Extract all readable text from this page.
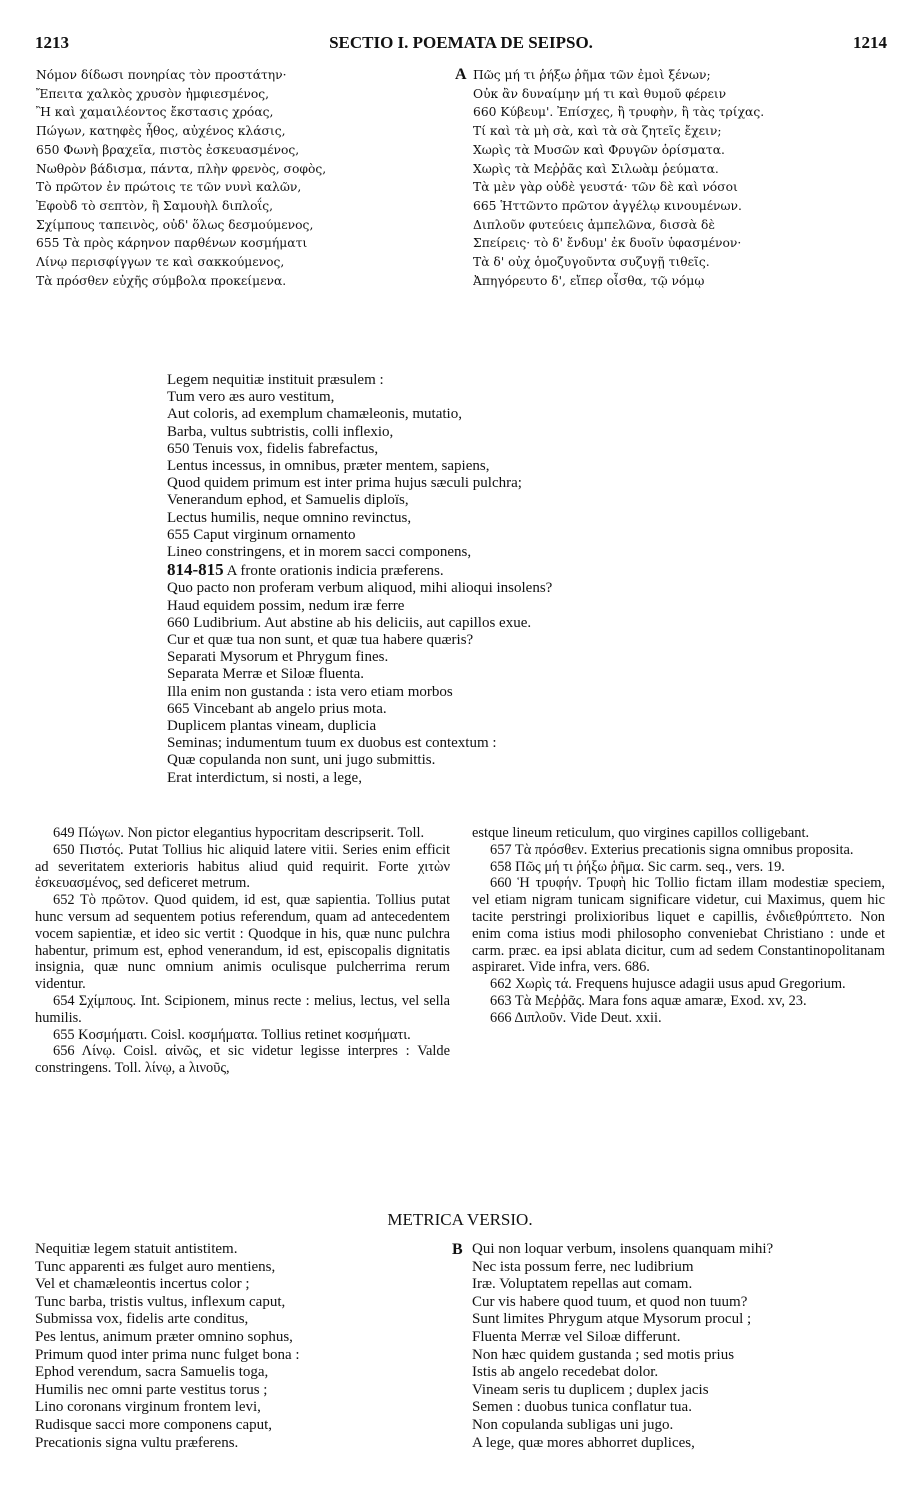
1213	SECTIO I. POEMATA DE SEIPSO.	1214
Νόμον δίδωσι πονηρίας τὸν προστάτην·
Ἔπειτα χαλκὸς χρυσὸν ἠμφιεσμένος,
Ἢ καὶ χαμαιλέοντος ἔκστασις χρόας,
Πώγων, κατηφὲς ἦθος, αὐχένος κλάσις,
650 Φωνὴ βραχεῖα, πιστὸς ἐσκευασμένος,
Νωθρὸν βάδισμα, πάντα, πλὴν φρενὸς, σοφὸς,
Τὸ πρῶτον ἐν πρώτοις τε τῶν νυνὶ καλῶν,
Ἐφοὺδ τὸ σεπτὸν, ἢ Σαμουὴλ διπλοΐς,
Σχίμπους ταπεινὸς, οὐδ' ὅλως δεσμούμενος,
655 Τὰ πρὸς κάρηνον παρθένων κοσμήματι
Λίνῳ περισφίγγων τε καὶ σακκούμενος,
Τὰ πρόσθεν εὐχῆς σύμβολα προκείμενα.
A Πῶς μή τι ῥήξω ῥῆμα τῶν ἐμοὶ ξένων;
Οὐκ ἂν δυναίμην μή τι καὶ θυμοῦ φέρειν
660 Κύβευμ'. Ἐπίσχες, ἢ τρυφὴν, ἢ τὰς τρίχας.
Τί καὶ τὰ μὴ σὰ, καὶ τὰ σὰ ζητεῖς ἔχειν;
Χωρὶς τὰ Μυσῶν καὶ Φρυγῶν ὁρίσματα.
Χωρὶς τὰ Μεῤῥᾶς καὶ Σιλωὰμ ῥεύματα.
Τὰ μὲν γὰρ οὐδὲ γευστά· τῶν δὲ καὶ νόσοι
665 Ἡττῶντο πρῶτον ἀγγέλῳ κινουμένων.
Διπλοῦν φυτεύεις ἀμπελῶνα, δισσὰ δὲ
Σπείρεις· τὸ δ' ἔνδυμ' ἐκ δυοῖν ὑφασμένον·
Τὰ δ' οὐχ ὁμοζυγοῦντα συζυγῇ τιθεῖς.
Ἀπηγόρευτο δ', εἴπερ οἶσθα, τῷ νόμῳ
Legem nequitiæ instituit præsulem :
Tum vero æs auro vestitum,
Aut coloris, ad exemplum chamæleonis, mutatio,
Barba, vultus subtristis, colli inflexio,
650 Tenuis vox, fidelis fabrefactus,
Lentus incessus, in omnibus, præter mentem, sapiens,
Quod quidem primum est inter prima hujus sæculi pulchra;
Venerandum ephod, et Samuelis diploïs,
Lectus humilis, neque omnino revinctus,
655 Caput virginum ornamento
Lineo constringens, et in morem sacci componens,
814-815 A fronte orationis indicia præferens.
Quo pacto non proferam verbum aliquod, mihi alioqui insolens?
Haud equidem possim, nedum iræ ferre
660 Ludibrium. Aut abstine ab his deliciis, aut capillos exue.
Cur et quæ tua non sunt, et quæ tua habere quæris?
Separati Mysorum et Phrygum fines.
Separata Merræ et Siloæ fluenta.
Illa enim non gustanda : ista vero etiam morbos
665 Vincebant ab angelo prius mota.
Duplicem plantas vineam, duplicia
Seminas; indumentum tuum ex duobus est contextum :
Quæ copulanda non sunt, uni jugo submittis.
Erat interdictum, si nosti, a lege,

649 Πώγων. Non pictor elegantius hypocritam descripserit. Toll.

650 Πιστός. Putat Tollius hic aliquid latere vitii. Series enim efficit ad severitatem exterioris habitus aliud quid requirit. Forte χιτὼν ἐσκευασμένος, sed deficeret metrum.

652 Τὸ πρῶτον. Quod quidem, id est, quæ sapientia. Tollius putat hunc versum ad sequentem potius referendum, quam ad antecedentem vocem sapientiæ, et ideo sic vertit : Quodque in his, quæ nunc pulchra habentur, primum est, ephod venerandum, id est, episcopalis dignitatis insignia, quæ nunc omnium animis oculisque pulcherrima rerum videntur.

654 Σχίμπους. Int. Scipionem, minus recte : melius, lectus, vel sella humilis.

655 Κοσμήματι. Coisl. κοσμήματα. Tollius retinet κοσμήματι.

656 Λίνῳ. Coisl. αἰνῶς, et sic videtur legisse interpres : Valde constringens. Toll. λίνῳ, a λινοῦς,

estque lineum reticulum, quo virgines capillos colligebant.

657 Τὰ πρόσθεν. Exterius precationis signa omnibus proposita.

658 Πῶς μή τι ῥήξω ῥῆμα. Sic carm. seq., vers. 19.

660 Ἡ τρυφήν. Τρυφὴ hic Tollio fictam illam modestiæ speciem, vel etiam nigram tunicam significare videtur, cui Maximus, quem hic tacite perstringi prolixioribus liquet e capillis, ἐνδιεθρύπτετο. Non enim coma istius modi philosopho conveniebat Christiano : unde et carm. præc. ea ipsi ablata dicitur, cum ad sedem Constantinopolitanam aspiraret. Vide infra, vers. 686.

662 Χωρὶς τά. Frequens hujusce adagii usus apud Gregorium.

663 Τὰ Μεῤῥᾶς. Mara fons aquæ amaræ, Exod. xv, 23.

666 Διπλοῦν. Vide Deut. xxii.

METRICA VERSIO.
Nequitiæ legem statuit antistitem.
Tunc apparenti æs fulget auro mentiens,
Vel et chamæleontis incertus color ;
Tunc barba, tristis vultus, inflexum caput,
Submissa vox, fidelis arte conditus,
Pes lentus, animum præter omnino sophus,
Primum quod inter prima nunc fulget bona :
Ephod verendum, sacra Samuelis toga,
Humilis nec omni parte vestitus torus ;
Lino coronans virginum frontem levi,
Rudisque sacci more componens caput,
Precationis signa vultu præferens.
B Qui non loquar verbum, insolens quanquam mihi?
Nec ista possum ferre, nec ludibrium
Iræ. Voluptatem repellas aut comam.
Cur vis habere quod tuum, et quod non tuum?
Sunt limites Phrygum atque Mysorum procul ;
Fluenta Merræ vel Siloæ differunt.
Non hæc quidem gustanda ; sed motis prius
Istis ab angelo recedebat dolor.
Vineam seris tu duplicem ; duplex jacis
Semen : duobus tunica conflatur tua.
Non copulanda subligas uni jugo.
A lege, quæ mores abhorret duplices,
